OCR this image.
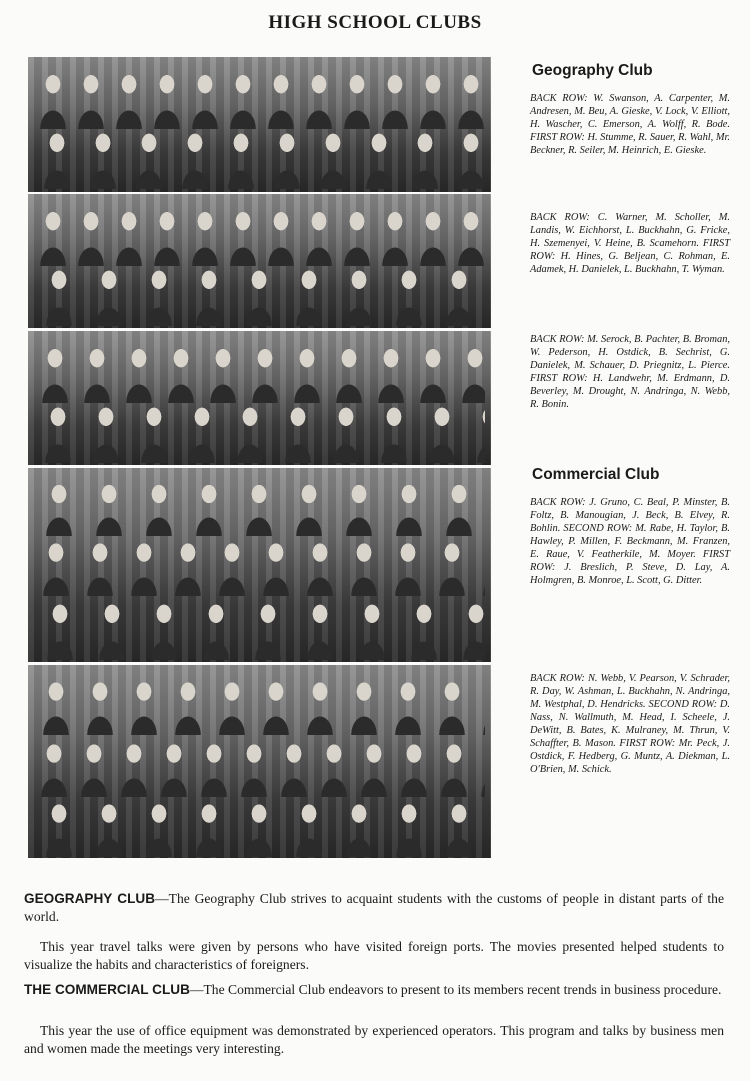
HIGH SCHOOL CLUBS
Geography Club

BACK ROW: W. Swanson, A. Carpenter, M. Andresen, M. Beu, A. Gieske, V. Lock, V. Elliott, H. Wascher, C. Emerson, A. Wolff, R. Bode. FIRST ROW: H. Stumme, R. Sauer, R. Wahl, Mr. Beckner, R. Seiler, M. Heinrich, E. Gieske.

BACK ROW: C. Warner, M. Scholler, M. Landis, W. Eichhorst, L. Buckhahn, G. Fricke, H. Szemenyei, V. Heine, B. Scamehorn. FIRST ROW: H. Hines, G. Beljean, C. Rohman, E. Adamek, H. Danielek, L. Buckhahn, T. Wyman.

BACK ROW: M. Serock, B. Pachter, B. Broman, W. Pederson, H. Ostdick, B. Sechrist, G. Danielek, M. Schauer, D. Priegnitz, L. Pierce. FIRST ROW: H. Landwehr, M. Erdmann, D. Beverley, M. Drought, N. Andringa, N. Webb, R. Bonin.

Commercial Club

BACK ROW: J. Gruno, C. Beal, P. Minster, B. Foltz, B. Manougian, J. Beck, B. Elvey, R. Bohlin. SECOND ROW: M. Rabe, H. Taylor, B. Hawley, P. Millen, F. Beckmann, M. Franzen, E. Raue, V. Featherkile, M. Moyer. FIRST ROW: J. Breslich, P. Steve, D. Lay, A. Holmgren, B. Monroe, L. Scott, G. Ditter.

BACK ROW: N. Webb, V. Pearson, V. Schrader, R. Day, W. Ashman, L. Buckhahn, N. Andringa, M. Westphal, D. Hendricks. SECOND ROW: D. Nass, N. Wallmuth, M. Head, I. Scheele, J. DeWitt, B. Bates, K. Mulraney, M. Thrun, V. Schaffter, B. Mason. FIRST ROW: Mr. Peck, J. Ostdick, F. Hedberg, G. Muntz, A. Diekman, L. O'Brien, M. Schick.

GEOGRAPHY CLUB—The Geography Club strives to acquaint students with the customs of people in distant parts of the world.

This year travel talks were given by persons who have visited foreign ports. The movies presented helped students to visualize the habits and characteristics of foreigners.

THE COMMERCIAL CLUB—The Commercial Club endeavors to present to its members recent trends in business procedure.

This year the use of office equipment was demonstrated by experienced operators. This program and talks by business men and women made the meetings very interesting.
